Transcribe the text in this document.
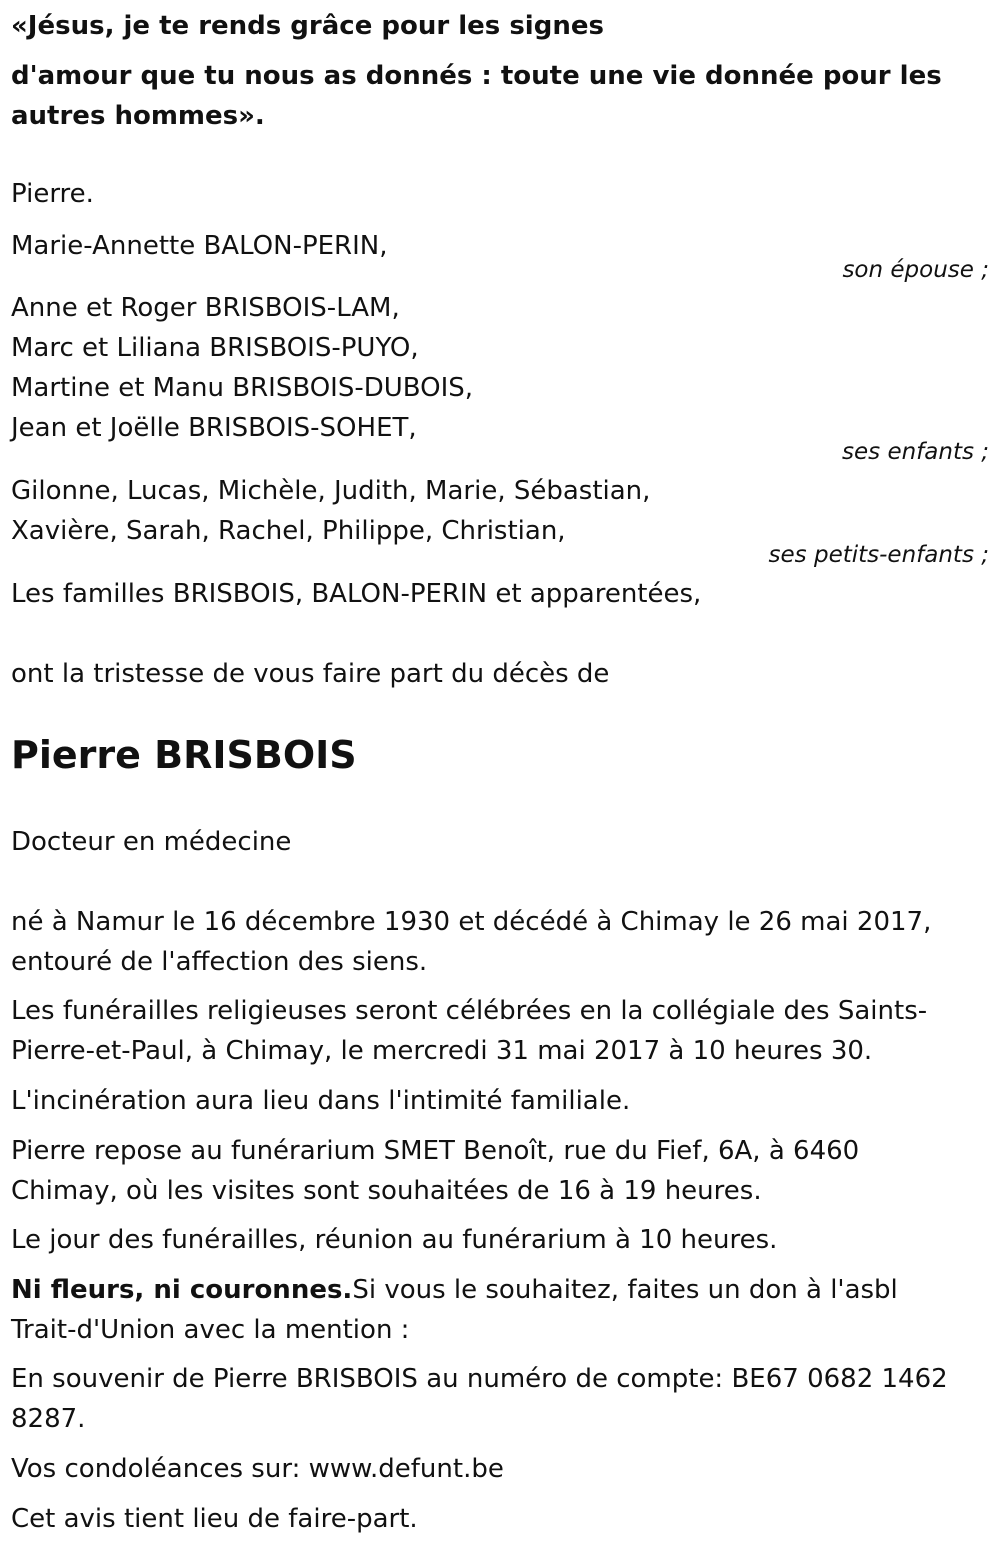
«Jésus, je te rends grâce pour les signes

d'amour que tu nous as donnés : toute une vie donnée pour les autres hommes».

Pierre.

Marie-Annette BALON-PERIN,

son épouse ;

Anne et Roger BRISBOIS-LAM,

Marc et Liliana BRISBOIS-PUYO,

Martine et Manu BRISBOIS-DUBOIS,

Jean et Joëlle BRISBOIS-SOHET,

ses enfants ;

Gilonne, Lucas, Michèle, Judith, Marie, Sébastian,

Xavière, Sarah, Rachel, Philippe, Christian,

ses petits-enfants ;

Les familles BRISBOIS, BALON-PERIN et apparentées,

ont la tristesse de vous faire part du décès de

Pierre BRISBOIS

Docteur en médecine

né à Namur le 16 décembre 1930 et décédé à Chimay le 26 mai 2017, entouré de l'affection des siens.

Les funérailles religieuses seront célébrées en la collégiale des Saints-Pierre-et-Paul, à Chimay, le mercredi 31 mai 2017 à 10 heures 30.

L'incinération aura lieu dans l'intimité familiale.

Pierre repose au funérarium SMET Benoît, rue du Fief, 6A, à 6460 Chimay, où les visites sont souhaitées de 16 à 19 heures.

Le jour des funérailles, réunion au funérarium à 10 heures.

Ni fleurs, ni couronnes.Si vous le souhaitez, faites un don à l'asbl Trait-d'Union avec la mention :

En souvenir de Pierre BRISBOIS au numéro de compte: BE67 0682 1462 8287.

Vos condoléances sur: www.defunt.be

Cet avis tient lieu de faire-part.
